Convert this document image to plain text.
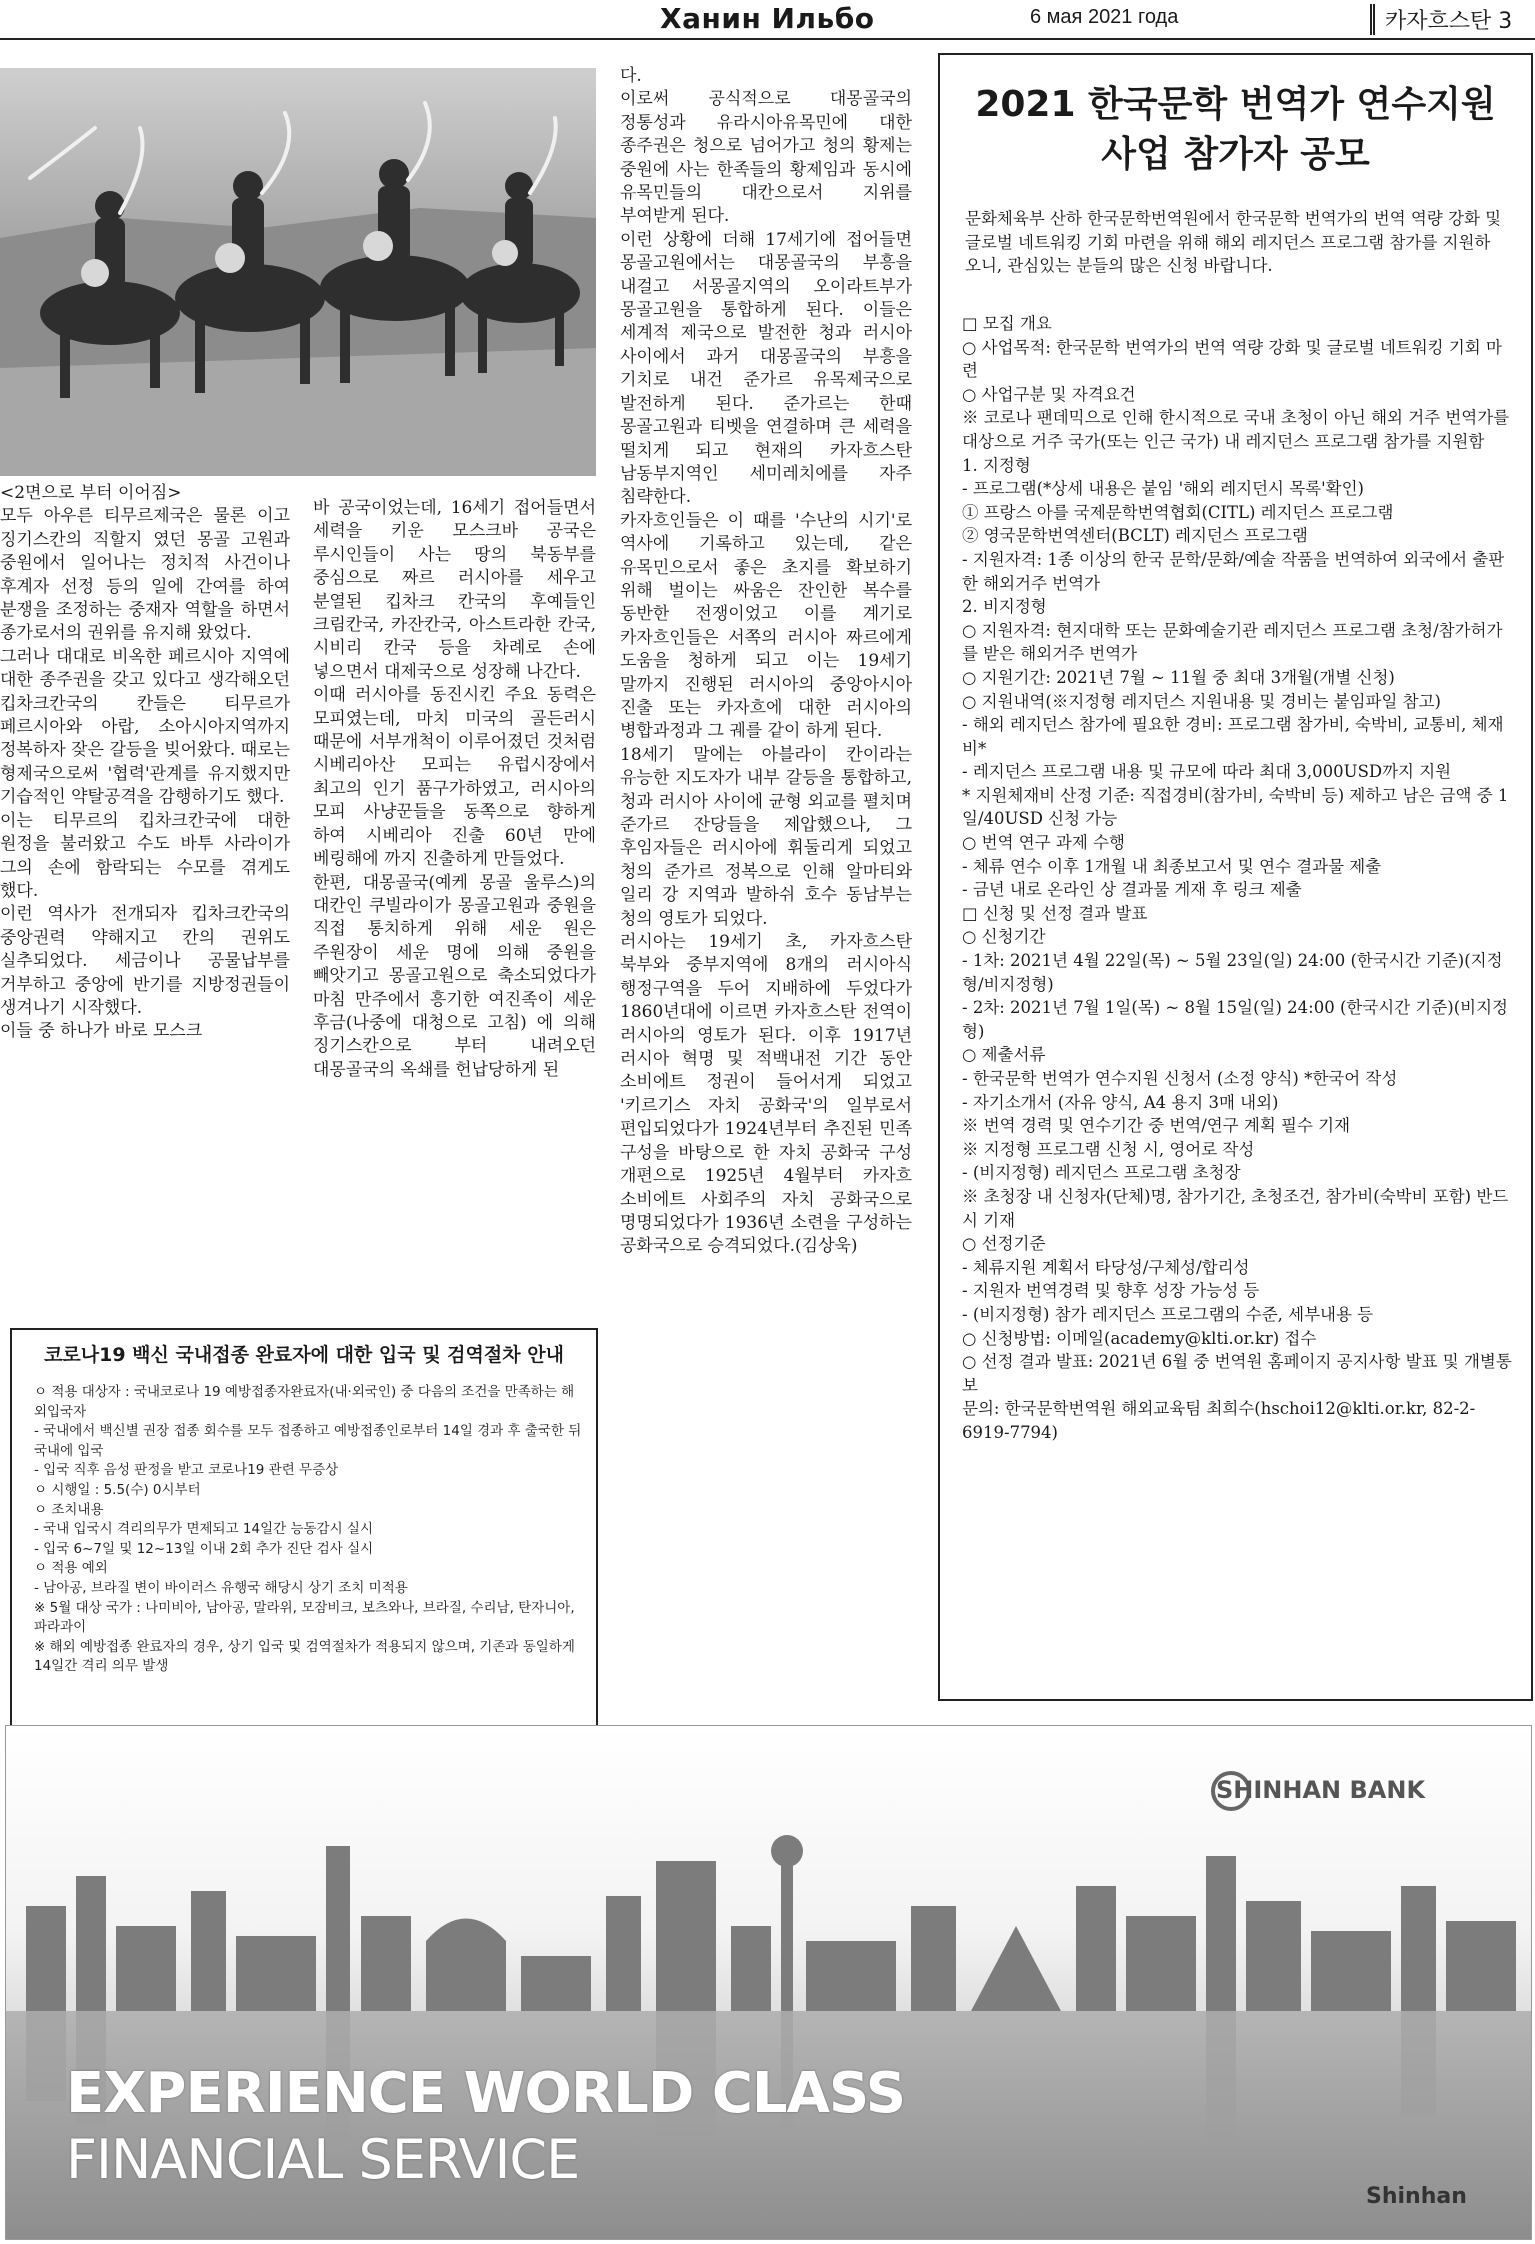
Ханин Ильбо	6 мая 2021 года	카자흐스탄 3
<2면으로 부터 이어짐>
모두 아우른 티무르제국은 물론 이고 징기스칸의 직할지 였던 몽골 고원과 중원에서 일어나는 정치적 사건이나 후계자 선정 등의 일에 간여를 하여 분쟁을 조정하는 중재자 역할을 하면서 종가로서의 권위를 유지해 왔었다.
그러나 대대로 비옥한 페르시아 지역에 대한 종주권을 갖고 있다고 생각해오던 킵차크칸국의 칸들은 티무르가 페르시아와 아랍, 소아시아지역까지 정복하자 잦은 갈등을 빚어왔다. 때로는 형제국으로써 '협력'관계를 유지했지만 기습적인 약탈공격을 감행하기도 했다.
이는 티무르의 킵차크칸국에 대한 원정을 불러왔고 수도 바투 사라이가 그의 손에 함락되는 수모를 겪게도 했다.
이런 역사가 전개되자 킵차크칸국의 중앙권력 약해지고 칸의 권위도 실추되었다. 세금이나 공물납부를 거부하고 중앙에 반기를 지방정권들이 생겨나기 시작했다.
이들 중 하나가 바로 모스크
바 공국이었는데, 16세기 접어들면서 세력을 키운 모스크바 공국은 루시인들이 사는 땅의 북동부를 중심으로 짜르 러시아를 세우고 분열된 킵차크 칸국의 후예들인 크림칸국, 카잔칸국, 아스트라한 칸국, 시비리 칸국 등을 차례로 손에 넣으면서 대제국으로 성장해 나간다.
이때 러시아를 동진시킨 주요 동력은 모피였는데, 마치 미국의 골든러시 때문에 서부개척이 이루어졌던 것처럼 시베리아산 모피는 유럽시장에서 최고의 인기 품구가하였고, 러시아의 모피 사냥꾼들을 동쪽으로 향하게 하여 시베리아 진출 60년 만에 베링해에 까지 진출하게 만들었다.
한편, 대몽골국(예케 몽골 울루스)의 대칸인 쿠빌라이가 몽골고원과 중원을 직접 통치하게 위해 세운 원은 주원장이 세운 명에 의해 중원을 빼앗기고 몽골고원으로 축소되었다가 마침 만주에서 흥기한 여진족이 세운 후금(나중에 대청으로 고침) 에 의해 징기스칸으로 부터 내려오던 대몽골국의 옥쇄를 헌납당하게 된
다.
이로써 공식적으로 대몽골국의 정통성과 유라시아유목민에 대한 종주권은 청으로 넘어가고 청의 황제는 중원에 사는 한족들의 황제임과 동시에 유목민들의 대칸으로서 지위를 부여받게 된다.
이런 상황에 더해 17세기에 접어들면 몽골고원에서는 대몽골국의 부흥을 내걸고 서몽골지역의 오이라트부가 몽골고원을 통합하게 된다. 이들은 세계적 제국으로 발전한 청과 러시아 사이에서 과거 대몽골국의 부흥을 기치로 내건 준가르 유목제국으로 발전하게 된다. 준가르는 한때 몽골고원과 티벳을 연결하며 큰 세력을 떨치게 되고 현재의 카자흐스탄 남동부지역인 세미레치에를 자주 침략한다.
카자흐인들은 이 때를 '수난의 시기'로 역사에 기록하고 있는데, 같은 유목민으로서 좋은 초지를 확보하기 위해 벌이는 싸움은 잔인한 복수를 동반한 전쟁이었고 이를 계기로 카자흐인들은 서쪽의 러시아 짜르에게 도움을 청하게 되고 이는 19세기 말까지 진행된 러시아의 중앙아시아 진출 또는 카자흐에 대한 러시아의 병합과정과 그 궤를 같이 하게 된다.
18세기 말에는 아블라이 칸이라는 유능한 지도자가 내부 갈등을 통합하고, 청과 러시아 사이에 균형 외교를 펼치며 준가르 잔당들을 제압했으나, 그 후임자들은 러시아에 휘둘리게 되었고 청의 준가르 정복으로 인해 알마티와 일리 강 지역과 발하쉬 호수 동남부는 청의 영토가 되었다.
러시아는 19세기 초, 카자흐스탄 북부와 중부지역에 8개의 러시아식 행정구역을 두어 지배하에 두었다가 1860년대에 이르면 카자흐스탄 전역이 러시아의 영토가 된다. 이후 1917년 러시아 혁명 및 적백내전 기간 동안 소비에트 정권이 들어서게 되었고 '키르기스 자치 공화국'의 일부로서 편입되었다가 1924년부터 추진된 민족 구성을 바탕으로 한 자치 공화국 구성 개편으로 1925년 4월부터 카자흐 소비에트 사회주의 자치 공화국으로 명명되었다가 1936년 소련을 구성하는 공화국으로 승격되었다.(김상욱)
코로나19 백신 국내접종 완료자에 대한 입국 및 검역절차 안내
ㅇ 적용 대상자 : 국내코로나 19 예방접종자완료자(내·외국인) 중 다음의 조건을 만족하는 해외입국자
- 국내에서 백신별 권장 접종 회수를 모두 접종하고 예방접종인로부터 14일 경과 후 출국한 뒤 국내에 입국
- 입국 직후 음성 판정을 받고 코로나19 관련 무증상
ㅇ 시행일 : 5.5(수) 0시부터
ㅇ 조치내용
- 국내 입국시 격리의무가 면제되고 14일간 능동감시 실시
- 입국 6~7일 및 12~13일 이내 2회 추가 진단 검사 실시
ㅇ 적용 예외
- 남아공, 브라질 변이 바이러스 유행국 해당시 상기 조치 미적용
※ 5월 대상 국가 : 나미비아, 남아공, 말라위, 모잠비크, 보츠와나, 브라질, 수리남, 탄자니아, 파라과이
※ 해외 예방접종 완료자의 경우, 상기 입국 및 검역절차가 적용되지 않으며, 기존과 동일하게 14일간 격리 의무 발생
2021 한국문학 번역가 연수지원
사업 참가자 공모
문화체육부 산하 한국문학번역원에서 한국문학 번역가의 번역 역량 강화 및 글로벌 네트워킹 기회 마련을 위해 해외 레지던스 프로그램 참가를 지원하오니, 관심있는 분들의 많은 신청 바랍니다.
□ 모집 개요
○ 사업목적: 한국문학 번역가의 번역 역량 강화 및 글로벌 네트워킹 기회 마련
○ 사업구분 및 자격요건
※ 코로나 팬데믹으로 인해 한시적으로 국내 초청이 아닌 해외 거주 번역가를 대상으로 거주 국가(또는 인근 국가) 내 레지던스 프로그램 참가를 지원함
1. 지정형
- 프로그램(*상세 내용은 붙임 '해외 레지던시 목록'확인)
① 프랑스 아를 국제문학번역협회(CITL) 레지던스 프로그램
② 영국문학번역센터(BCLT) 레지던스 프로그램
- 지원자격: 1종 이상의 한국 문학/문화/예술 작품을 번역하여 외국에서 출판한 해외거주 번역가
2. 비지정형
○ 지원자격: 현지대학 또는 문화예술기관 레지던스 프로그램 초청/참가허가를 받은 해외거주 번역가
○ 지원기간: 2021년 7월 ~ 11월 중 최대 3개월(개별 신청)
○ 지원내역(※지정형 레지던스 지원내용 및 경비는 붙임파일 참고)
- 해외 레지던스 참가에 필요한 경비: 프로그램 참가비, 숙박비, 교통비, 체재비*
- 레지던스 프로그램 내용 및 규모에 따라 최대 3,000USD까지 지원
* 지원체재비 산정 기준: 직접경비(참가비, 숙박비 등) 제하고 남은 금액 중 1일/40USD 신청 가능
○ 번역 연구 과제 수행
- 체류 연수 이후 1개월 내 최종보고서 및 연수 결과물 제출
- 금년 내로 온라인 상 결과물 게재 후 링크 제출
□ 신청 및 선정 결과 발표
○ 신청기간
- 1차: 2021년 4월 22일(목) ~ 5월 23일(일) 24:00 (한국시간 기준)(지정형/비지정형)
- 2차: 2021년 7월 1일(목) ~ 8월 15일(일) 24:00 (한국시간 기준)(비지정형)
○ 제출서류
- 한국문학 번역가 연수지원 신청서 (소정 양식) *한국어 작성
- 자기소개서 (자유 양식, A4 용지 3매 내외)
※ 번역 경력 및 연수기간 중 번역/연구 계획 필수 기재
※ 지정형 프로그램 신청 시, 영어로 작성
- (비지정형) 레지던스 프로그램 초청장
※ 초청장 내 신청자(단체)명, 참가기간, 초청조건, 참가비(숙박비 포함) 반드시 기재
○ 선정기준
- 체류지원 계획서 타당성/구체성/합리성
- 지원자 번역경력 및 향후 성장 가능성 등
- (비지정형) 참가 레지던스 프로그램의 수준, 세부내용 등
○ 신청방법: 이메일(academy@klti.or.kr) 접수
○ 선정 결과 발표: 2021년 6월 중 번역원 홈페이지 공지사항 발표 및 개별통보
문의: 한국문학번역원 해외교육팀 최희수(hschoi12@klti.or.kr, 82-2-6919-7794)
SHINHAN BANK
EXPERIENCE WORLD CLASS
FINANCIAL SERVICE
Shinhan
